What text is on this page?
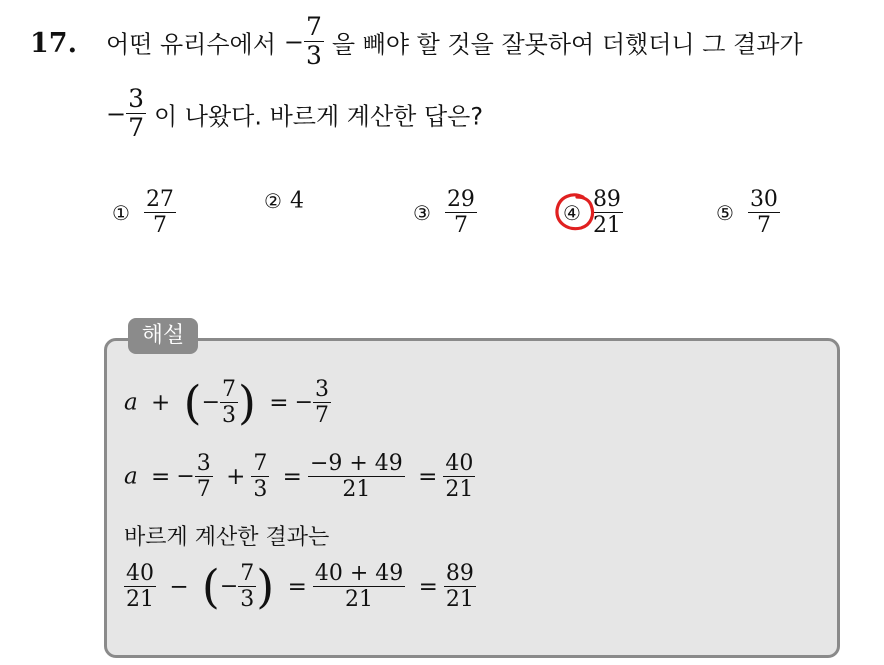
17. 어떤 유리수에서 − $\frac{7}{3}$ 을 빼야 할 것을 잘못하여 더했더니 그 결과가
− $\frac{3}{7}$ 이 나왔다. 바르게 계산한 답은?
① $\frac{27}{7}$	② 4	③ $\frac{29}{7}$	④ $\frac{89}{21}$	⑤ $\frac{30}{7}$
해설
a + (− $\frac{7}{3}$ ) = − $\frac{3}{7}$
a = − $\frac{3}{7} + \frac{7}{3} = \frac{-9 + 49}{21} = \frac{40}{21}$
바르게 계산한 결과는
$\frac{40}{21}$ − (− $\frac{7}{3}$ ) = $\frac{40 + 49}{21} = \frac{89}{21}$
